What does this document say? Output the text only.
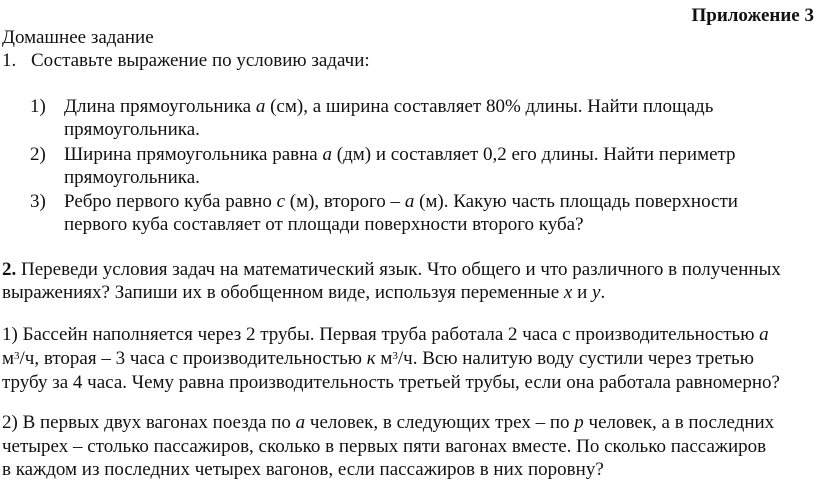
Приложение 3
Домашнее задание
1. Составьте выражение по условию задачи:
1) Длина прямоугольника a (см), а ширина составляет 80% длины. Найти площадь
прямоугольника.
2) Ширина прямоугольника равна a (дм) и составляет 0,2 его длины. Найти периметр
прямоугольника.
3) Ребро первого куба равно c (м), второго – a (м). Какую часть площадь поверхности
первого куба составляет от площади поверхности второго куба?
2. Переведи условия задач на математический язык. Что общего и что различного в полученных
выражениях? Запиши их в обобщенном виде, используя переменные x и y.
1) Бассейн наполняется через 2 трубы. Первая труба работала 2 часа с производительностью а
$м^3/ч$, вторая – 3 часа с производительностью к $м^3/ч$. Всю налитую воду сустили через третью
трубу за 4 часа. Чему равна производительность третьей трубы, если она работала равномерно?
2) В первых двух вагонах поезда по a человек, в следующих трех – по p человек, а в последних
четырех – столько пассажиров, сколько в первых пяти вагонах вместе. По сколько пассажиров
в каждом из последних четырех вагонов, если пассажиров в них поровну?
